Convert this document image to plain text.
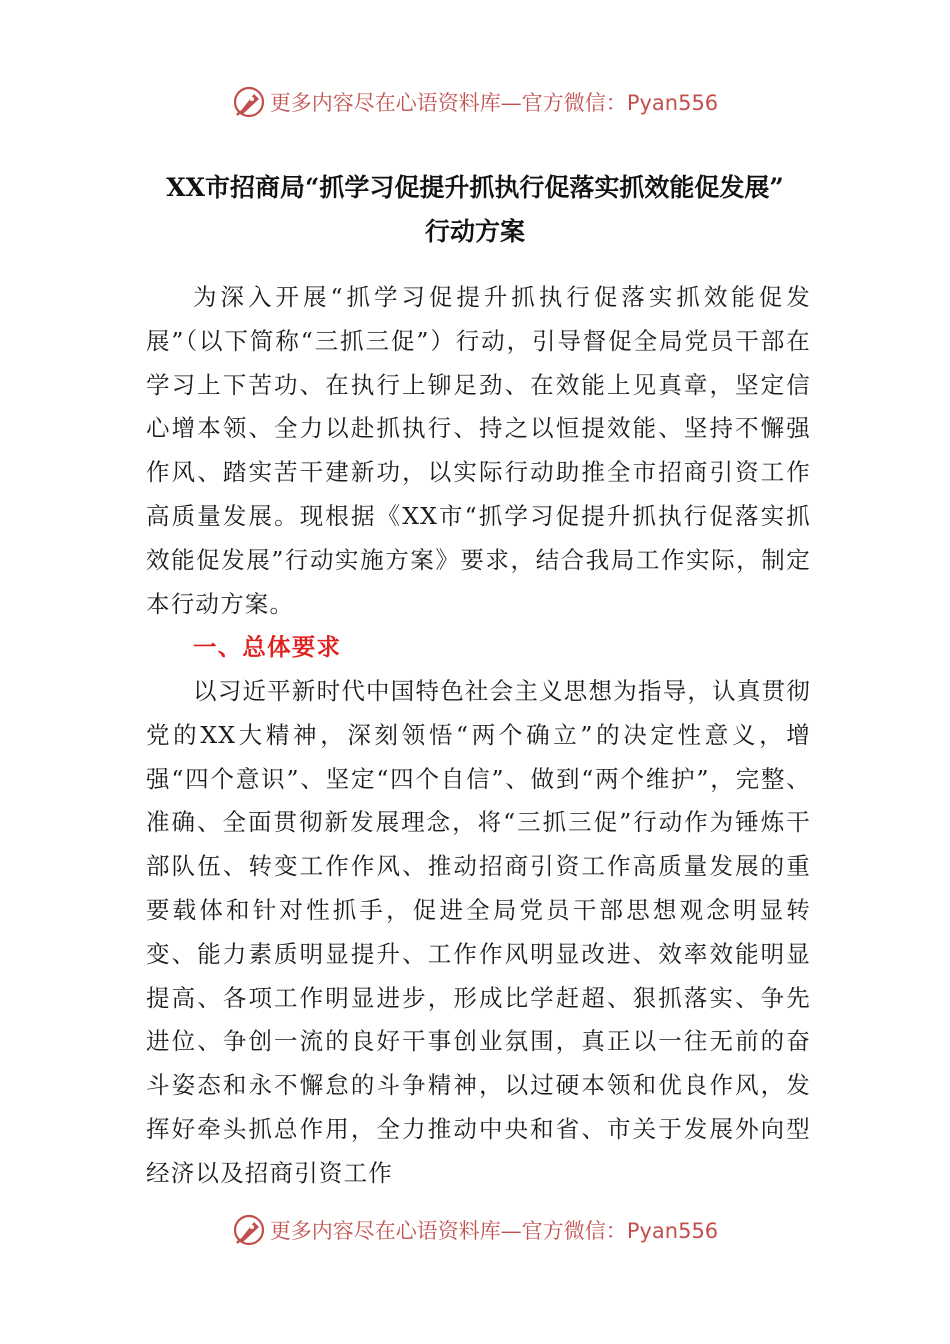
更多内容尽在心语资料库—官方微信：Pyan556
XX市招商局“抓学习促提升抓执行促落实抓效能促发展”
行动方案

为深入开展“抓学习促提升抓执行促落实抓效能促发展”（以下简称“三抓三促”）行动，引导督促全局党员干部在学习上下苦功、在执行上铆足劲、在效能上见真章，坚定信心增本领、全力以赴抓执行、持之以恒提效能、坚持不懈强作风、踏实苦干建新功，以实际行动助推全市招商引资工作高质量发展。现根据《XX市“抓学习促提升抓执行促落实抓效能促发展”行动实施方案》要求，结合我局工作实际，制定本行动方案。

一、总体要求

以习近平新时代中国特色社会主义思想为指导，认真贯彻党的XX大精神，深刻领悟“两个确立”的决定性意义，增强“四个意识”、坚定“四个自信”、做到“两个维护”，完整、准确、全面贯彻新发展理念，将“三抓三促”行动作为锤炼干部队伍、转变工作作风、推动招商引资工作高质量发展的重要载体和针对性抓手，促进全局党员干部思想观念明显转变、能力素质明显提升、工作作风明显改进、效率效能明显提高、各项工作明显进步，形成比学赶超、狠抓落实、争先进位、争创一流的良好干事创业氛围，真正以一往无前的奋斗姿态和永不懈怠的斗争精神，以过硬本领和优良作风，发挥好牵头抓总作用，全力推动中央和省、市关于发展外向型经济以及招商引资工作

更多内容尽在心语资料库—官方微信：Pyan556
